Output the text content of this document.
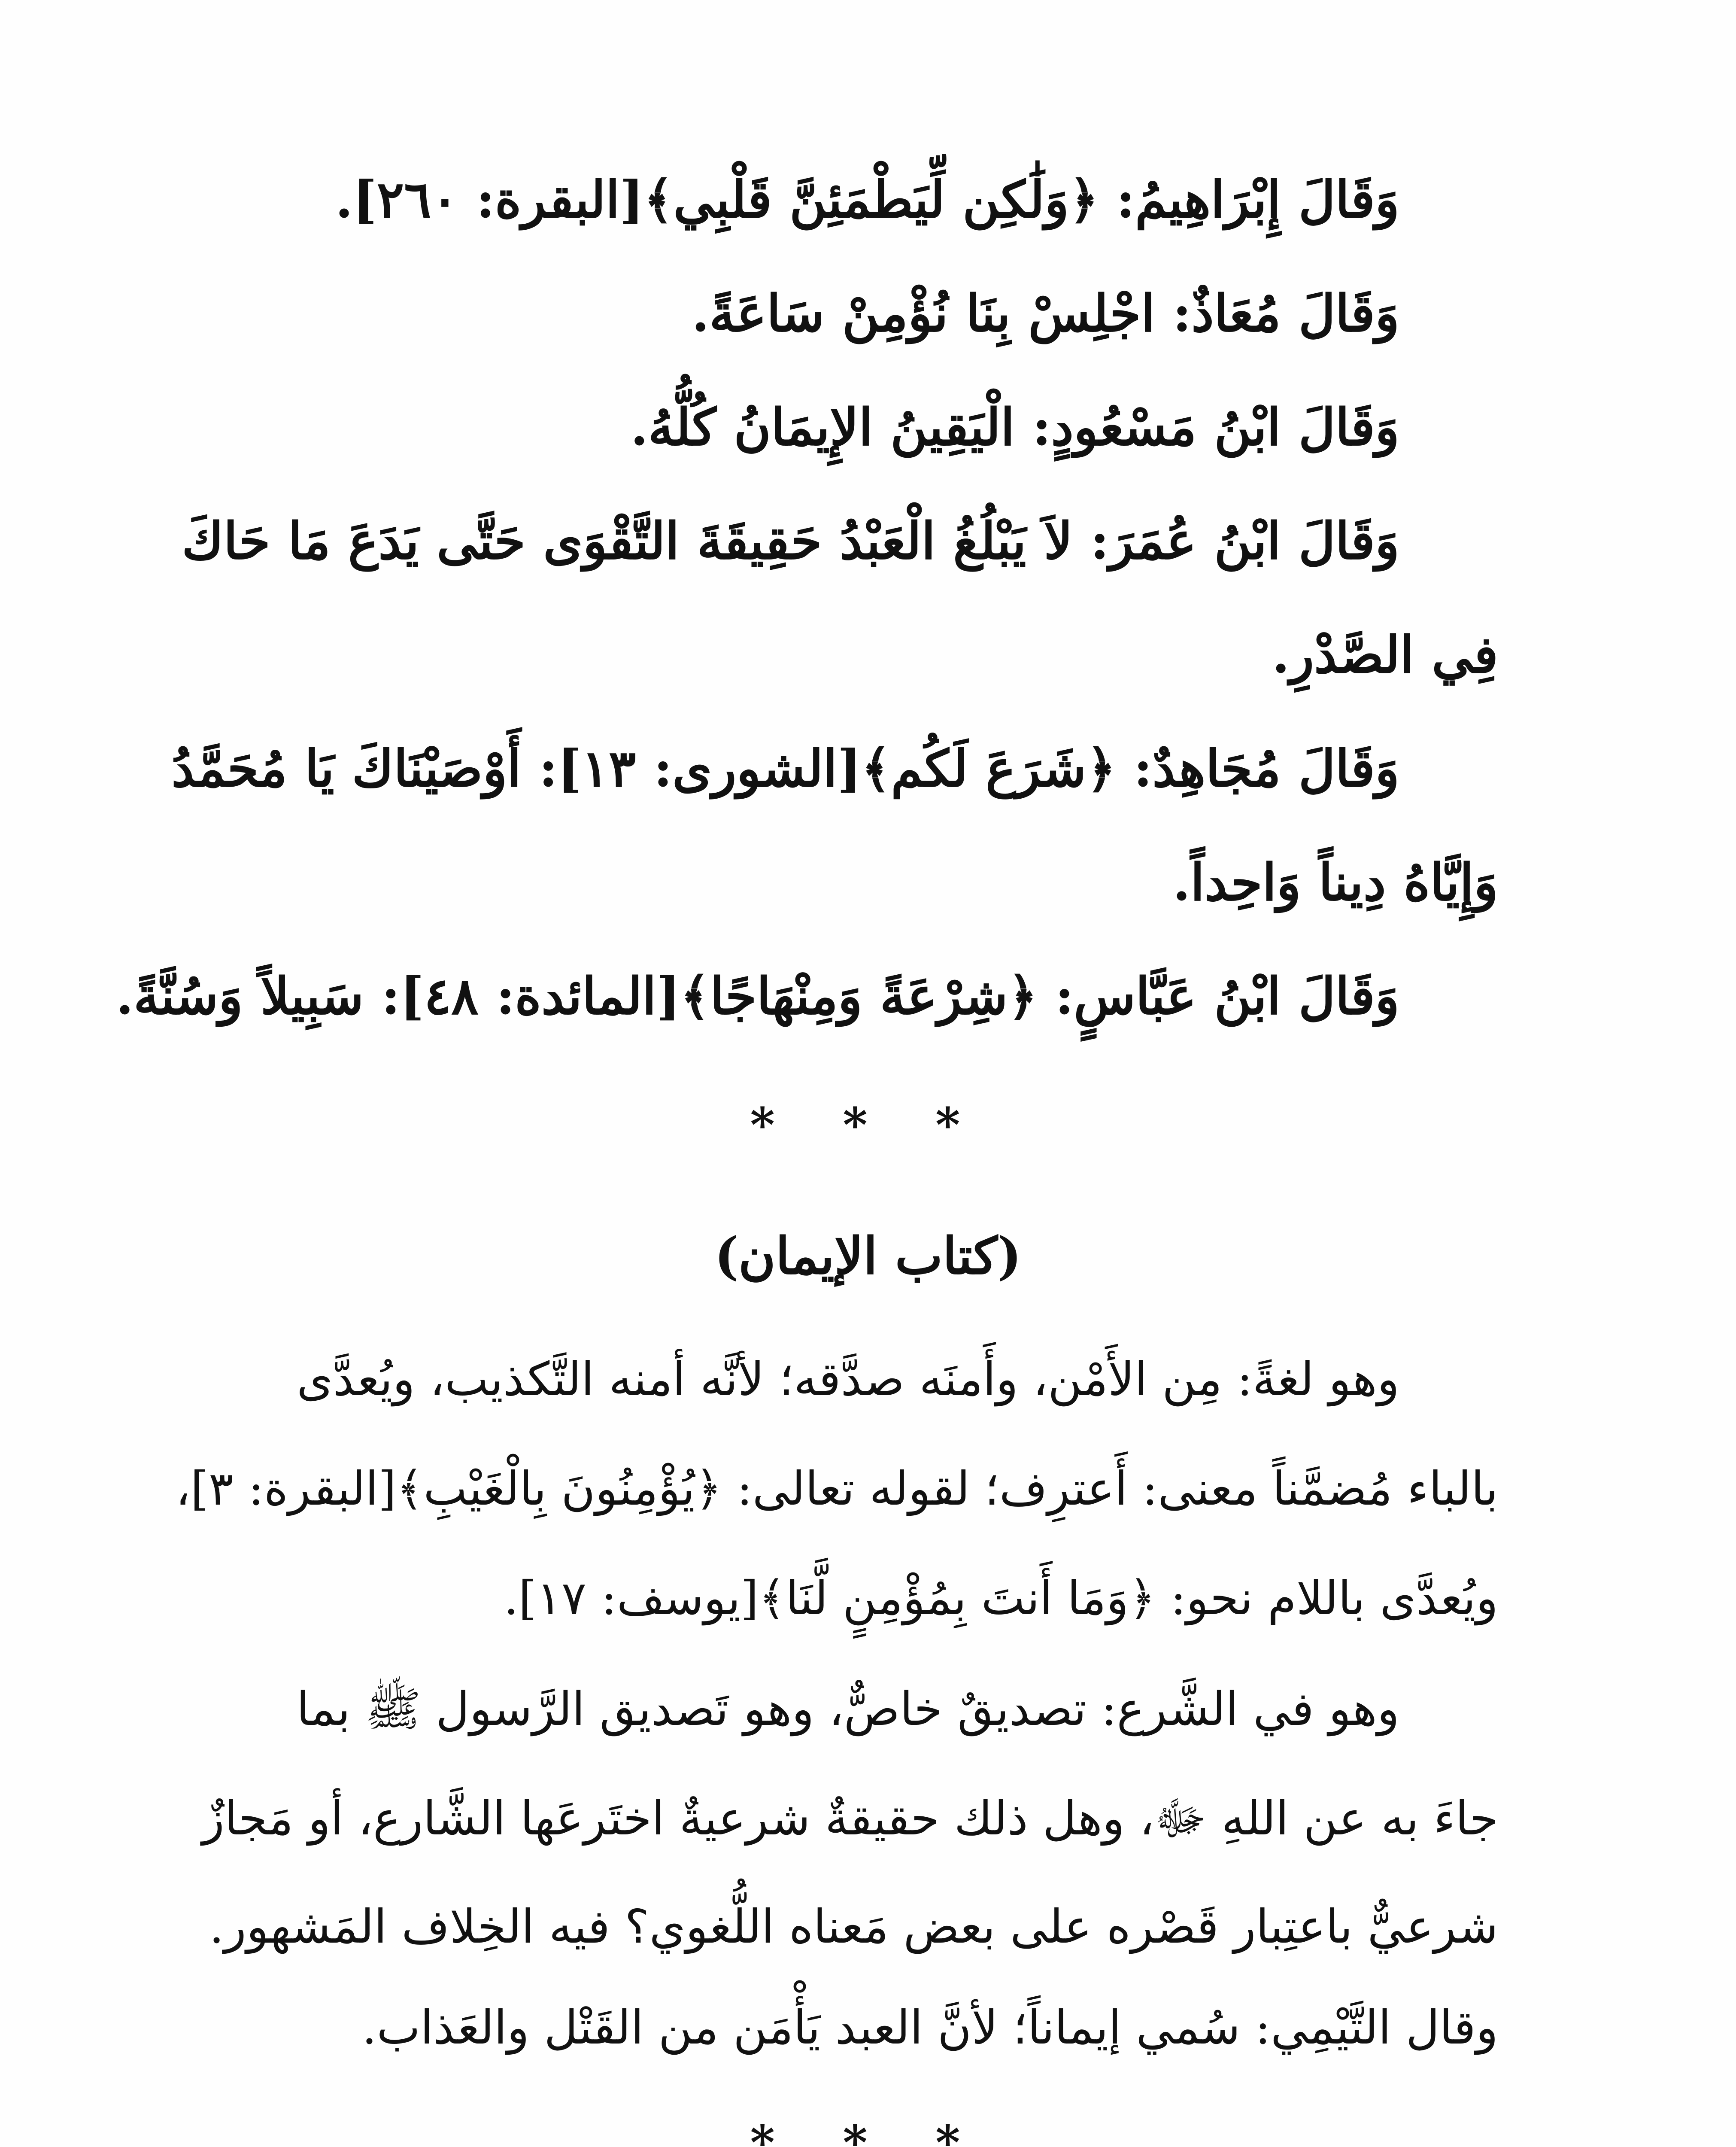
وَقَالَ إِبْرَاهِيمُ: ﴿وَلَٰكِن لِّيَطْمَئِنَّ قَلْبِي﴾[البقرة: ٢٦٠].
وَقَالَ مُعَاذٌ: اجْلِسْ بِنَا نُؤْمِنْ سَاعَةً.
وَقَالَ ابْنُ مَسْعُودٍ: الْيَقِينُ الإِيمَانُ كُلُّهُ.
وَقَالَ ابْنُ عُمَرَ: لاَ يَبْلُغُ الْعَبْدُ حَقِيقَةَ التَّقْوَى حَتَّى يَدَعَ مَا حَاكَ
فِي الصَّدْرِ.
وَقَالَ مُجَاهِدٌ: ﴿شَرَعَ لَكُم﴾[الشورى: ١٣]: أَوْصَيْنَاكَ يَا مُحَمَّدُ
وَإِيَّاهُ دِيناً وَاحِداً.
وَقَالَ ابْنُ عَبَّاسٍ: ﴿شِرْعَةً وَمِنْهَاجًا﴾[المائدة: ٤٨]: سَبِيلاً وَسُنَّةً.
* * *
(كتاب الإيمان)
وهو لغةً: مِن الأَمْن، وأَمنَه صدَّقه؛ لأنَّه أمنه التَّكذيب، ويُعدَّى
بالباء مُضمَّناً معنى: أَعترِف؛ لقوله تعالى: ﴿يُؤْمِنُونَ بِالْغَيْبِ﴾[البقرة: ٣]،
ويُعدَّى باللام نحو: ﴿وَمَا أَنتَ بِمُؤْمِنٍ لَّنَا﴾[يوسف: ١٧].
وهو في الشَّرع: تصديقٌ خاصٌّ، وهو تَصديق الرَّسول ﷺ بما
جاءَ به عن اللهِ ﷻ، وهل ذلك حقيقةٌ شرعيةٌ اختَرعَها الشَّارع، أو مَجازٌ
شرعيٌّ باعتِبار قَصْره على بعض مَعناه اللُّغوي؟ فيه الخِلاف المَشهور.
وقال التَّيْمِي: سُمي إيماناً؛ لأنَّ العبد يَأْمَن من القَتْل والعَذاب.
* * *
